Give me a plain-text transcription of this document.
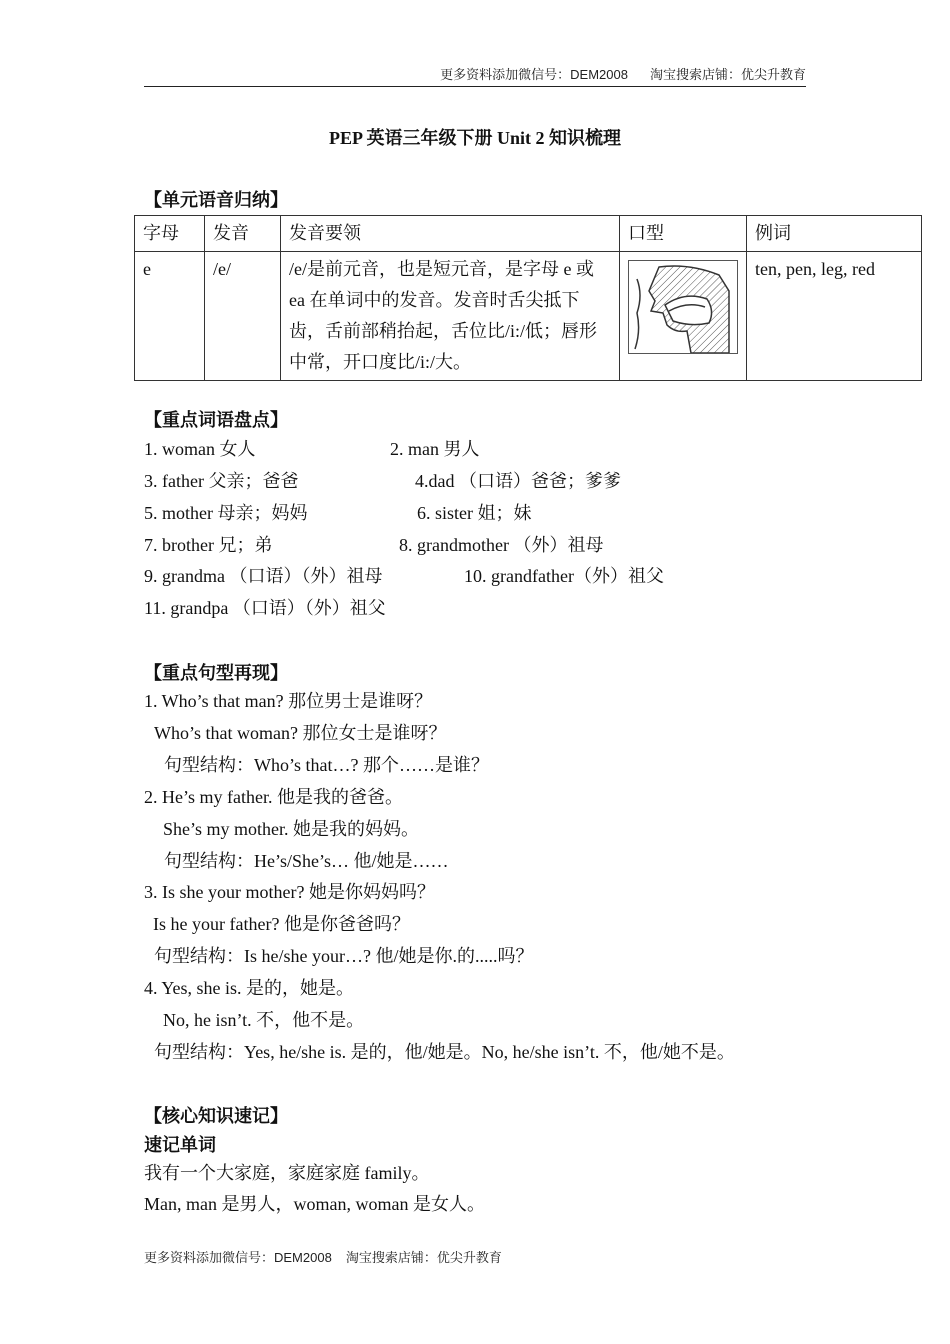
更多资料添加微信号：DEM2008 淘宝搜索店铺：优尖升教育
PEP 英语三年级下册 Unit 2 知识梳理
【单元语音归纳】
字母	发音	发音要领	口型	例词
e	/e/	/e/是前元音，也是短元音，是字母 e 或 ea 在单词中的发音。发音时舌尖抵下齿，舌前部稍抬起，舌位比/i:/低；唇形中常，开口度比/i:/大。		ten, pen, leg, red
【重点词语盘点】
1. woman 女人	2. man 男人
3. father 父亲；爸爸	4.dad （口语）爸爸；爹爹
5. mother 母亲；妈妈	6. sister 姐；妹
7. brother 兄；弟	8. grandmother （外）祖母
9. grandma （口语）（外）祖母	10. grandfather（外）祖父
11. grandpa （口语）（外）祖父
【重点句型再现】
1. Who’s that man? 那位男士是谁呀？
Who’s that woman? 那位女士是谁呀？
句型结构：Who’s that…? 那个……是谁？
2. He’s my father. 他是我的爸爸。
She’s my mother. 她是我的妈妈。
句型结构：He’s/She’s… 他/她是……
3. Is she your mother? 她是你妈妈吗？
Is he your father? 他是你爸爸吗？
句型结构：Is he/she your…? 他/她是你.的.....吗？
4. Yes, she is. 是的，她是。
No, he isn’t. 不，他不是。
句型结构：Yes, he/she is. 是的，他/她是。No, he/she isn’t. 不，他/她不是。
【核心知识速记】
速记单词
我有一个大家庭，家庭家庭 family。
Man, man 是男人，woman, woman 是女人。
更多资料添加微信号：DEM2008 淘宝搜索店铺：优尖升教育
